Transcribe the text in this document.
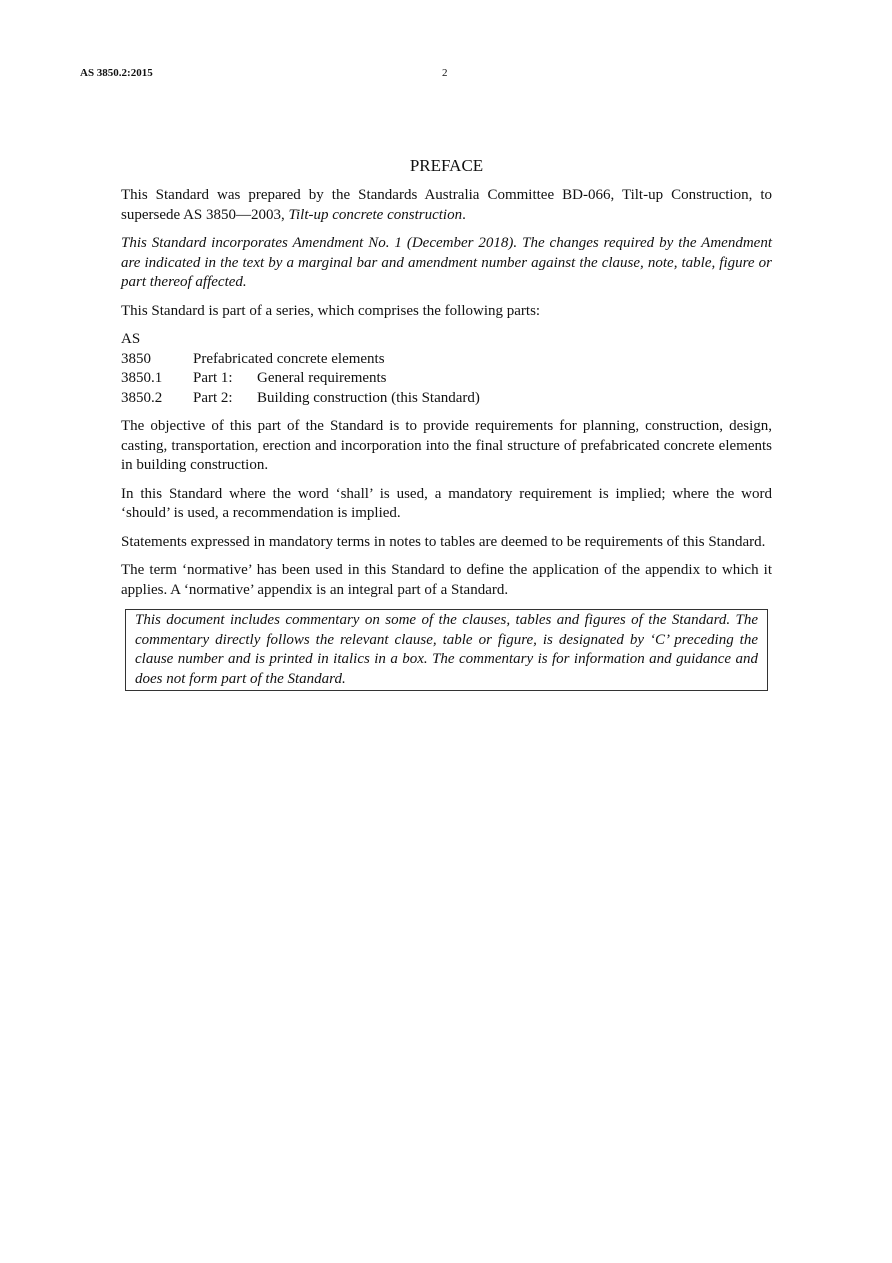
AS 3850.2:2015	2
PREFACE

This Standard was prepared by the Standards Australia Committee BD-066, Tilt-up Construction, to supersede AS 3850—2003, Tilt-up concrete construction.

This Standard incorporates Amendment No. 1 (December 2018). The changes required by the Amendment are indicated in the text by a marginal bar and amendment number against the clause, note, table, figure or part thereof affected.

This Standard is part of a series, which comprises the following parts:

AS
3850	Prefabricated concrete elements
3850.1	Part 1:	General requirements
3850.2	Part 2:	Building construction (this Standard)

The objective of this part of the Standard is to provide requirements for planning, construction, design, casting, transportation, erection and incorporation into the final structure of prefabricated concrete elements in building construction.

In this Standard where the word ‘shall’ is used, a mandatory requirement is implied; where the word ‘should’ is used, a recommendation is implied.

Statements expressed in mandatory terms in notes to tables are deemed to be requirements of this Standard.

The term ‘normative’ has been used in this Standard to define the application of the appendix to which it applies. A ‘normative’ appendix is an integral part of a Standard.

This document includes commentary on some of the clauses, tables and figures of the Standard. The commentary directly follows the relevant clause, table or figure, is designated by ‘C’ preceding the clause number and is printed in italics in a box. The commentary is for information and guidance and does not form part of the Standard.
